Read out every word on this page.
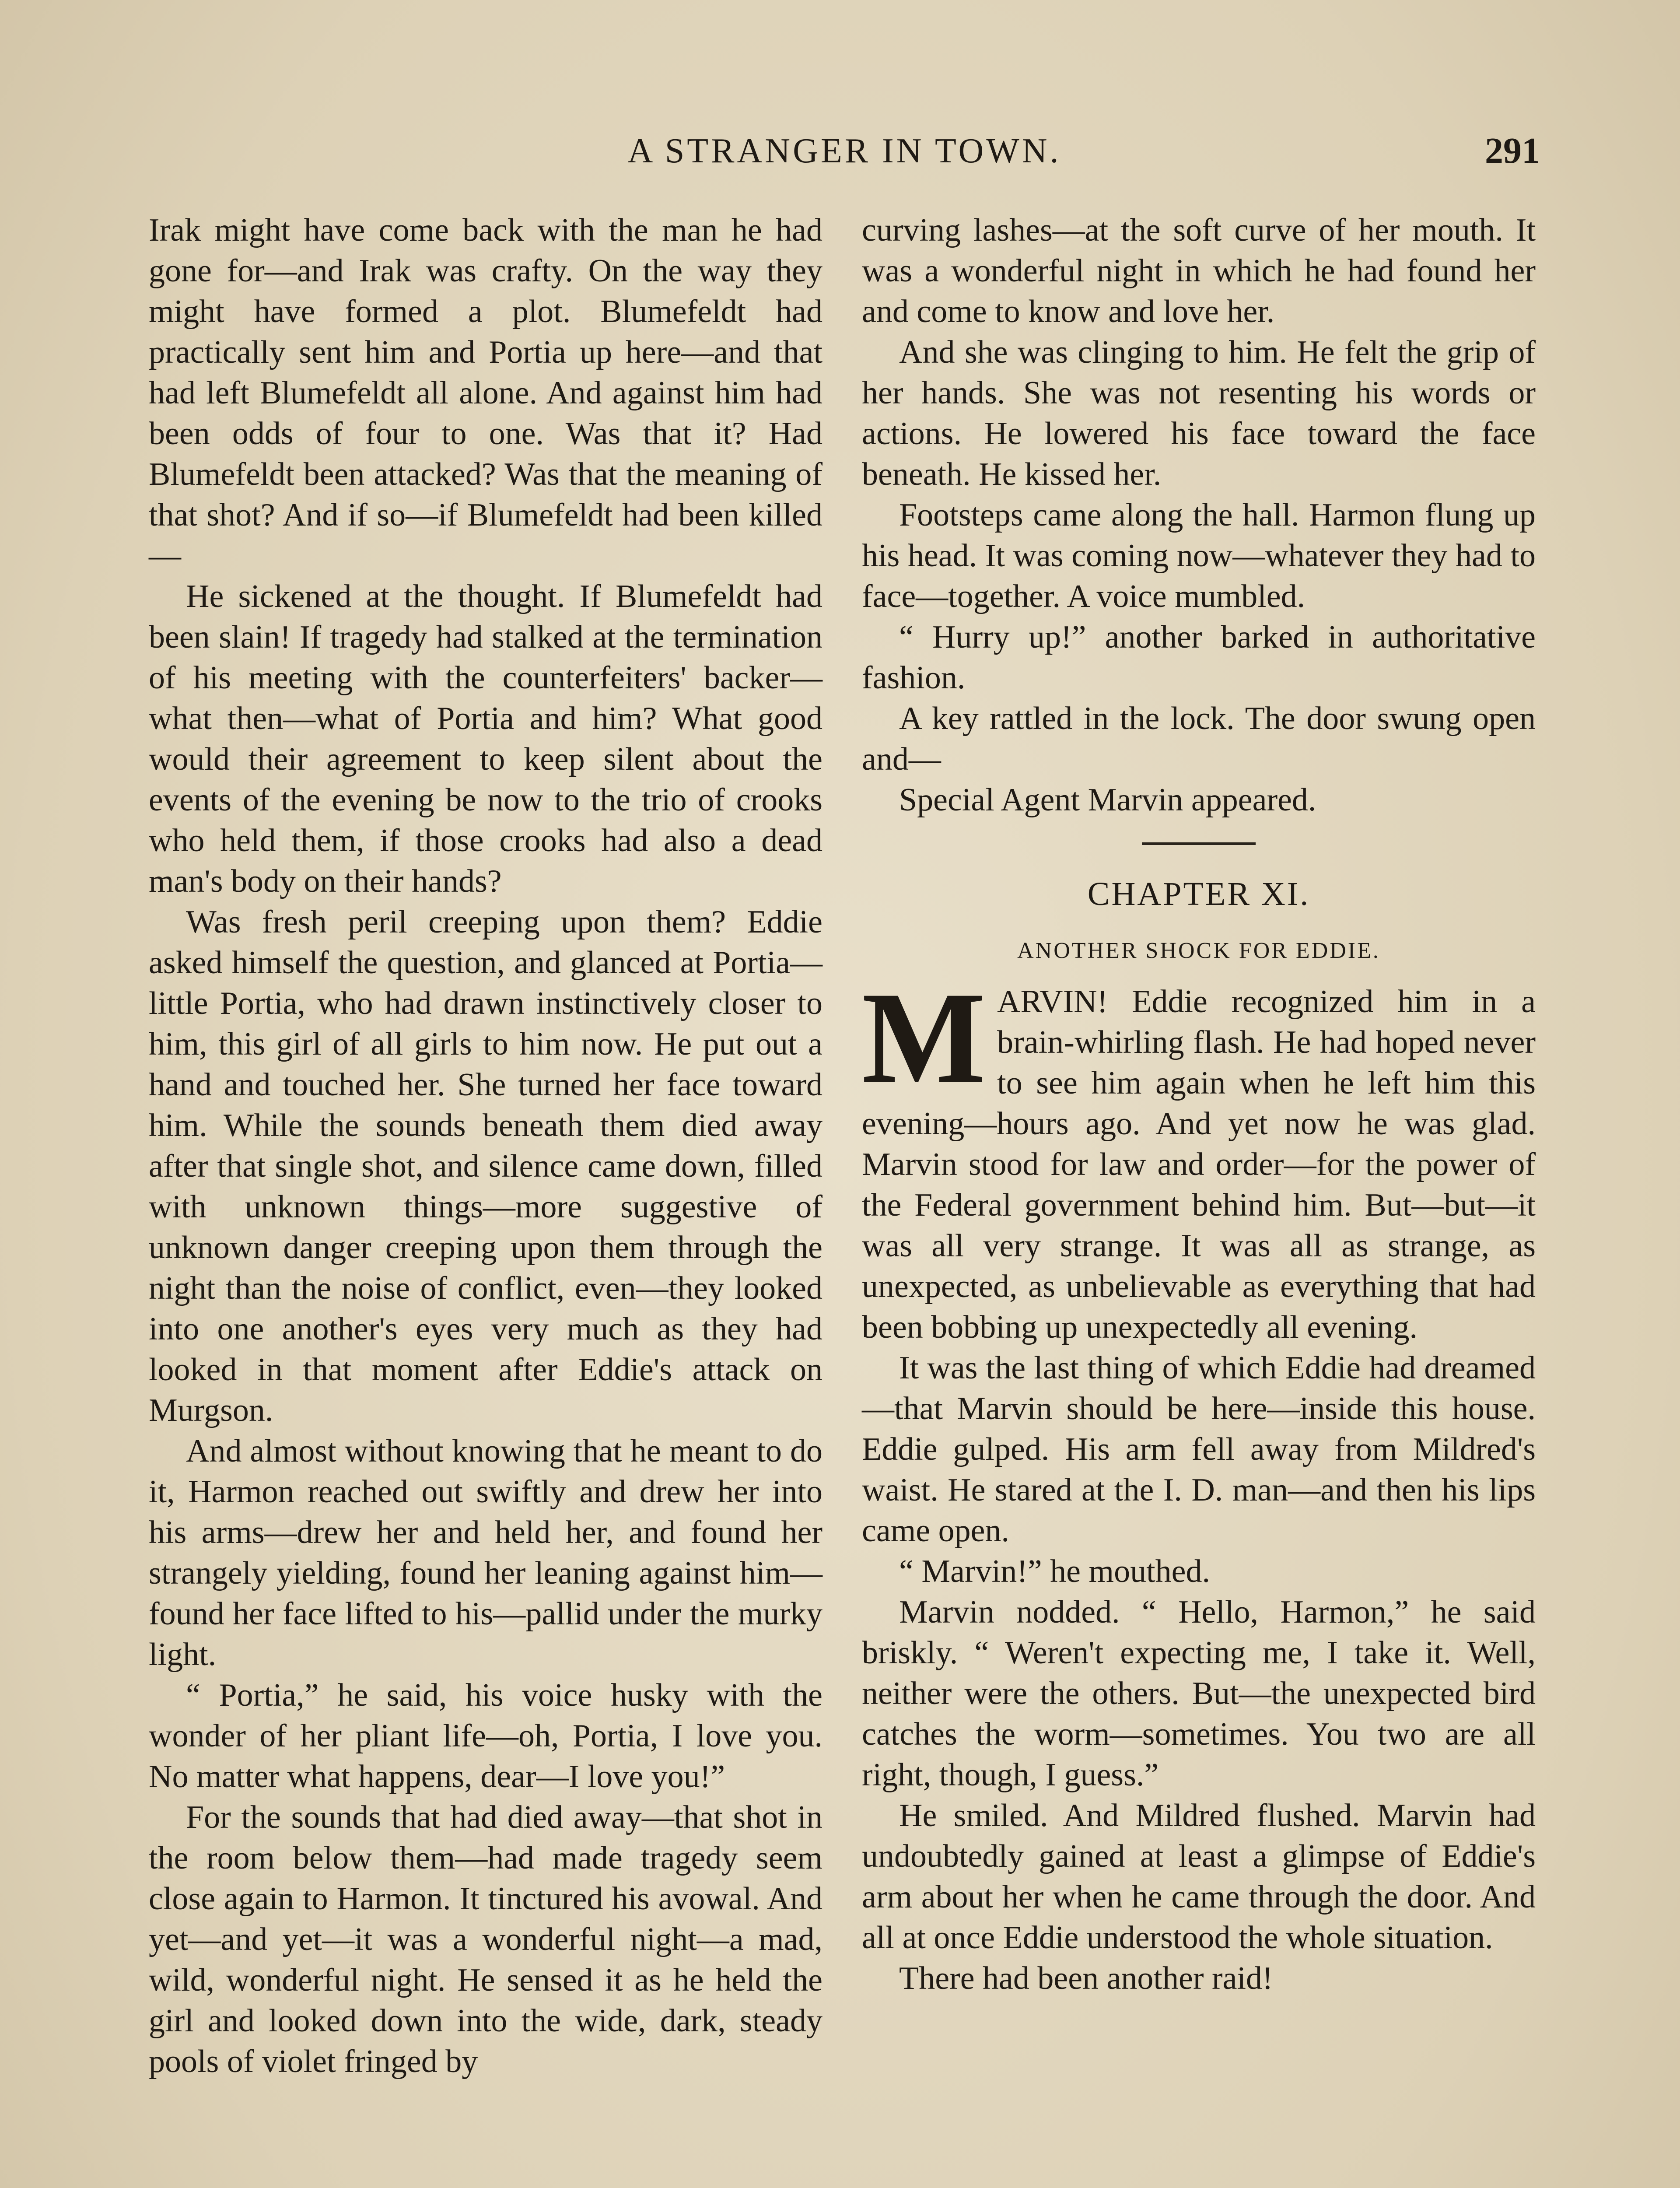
A STRANGER IN TOWN.	291

Irak might have come back with the man he had gone for—and Irak was crafty. On the way they might have formed a plot. Blumefeldt had practically sent him and Portia up here—and that had left Blumefeldt all alone. And against him had been odds of four to one. Was that it? Had Blumefeldt been attacked? Was that the meaning of that shot? And if so—if Blumefeldt had been killed—

He sickened at the thought. If Blumefeldt had been slain! If tragedy had stalked at the termination of his meeting with the counterfeiters' backer—what then—what of Portia and him? What good would their agreement to keep silent about the events of the evening be now to the trio of crooks who held them, if those crooks had also a dead man's body on their hands?

Was fresh peril creeping upon them? Eddie asked himself the question, and glanced at Portia—little Portia, who had drawn instinctively closer to him, this girl of all girls to him now. He put out a hand and touched her. She turned her face toward him. While the sounds beneath them died away after that single shot, and silence came down, filled with unknown things—more suggestive of unknown danger creeping upon them through the night than the noise of conflict, even—they looked into one another's eyes very much as they had looked in that moment after Eddie's attack on Murgson.

And almost without knowing that he meant to do it, Harmon reached out swiftly and drew her into his arms—drew her and held her, and found her strangely yielding, found her leaning against him—found her face lifted to his—pallid under the murky light.

“ Portia,” he said, his voice husky with the wonder of her pliant life—oh, Portia, I love you. No matter what happens, dear—I love you!”

For the sounds that had died away—that shot in the room below them—had made tragedy seem close again to Harmon. It tinctured his avowal. And yet—and yet—it was a wonderful night—a mad, wild, wonderful night. He sensed it as he held the girl and looked down into the wide, dark, steady pools of violet fringed by

curving lashes—at the soft curve of her mouth. It was a wonderful night in which he had found her and come to know and love her.

And she was clinging to him. He felt the grip of her hands. She was not resenting his words or actions. He lowered his face toward the face beneath. He kissed her.

Footsteps came along the hall. Harmon flung up his head. It was coming now—whatever they had to face—together. A voice mumbled.

“ Hurry up!” another barked in authoritative fashion.

A key rattled in the lock. The door swung open and—

Special Agent Marvin appeared.

CHAPTER XI.
ANOTHER SHOCK FOR EDDIE.

MARVIN! Eddie recognized him in a brain-whirling flash. He had hoped never to see him again when he left him this evening—hours ago. And yet now he was glad. Marvin stood for law and order—for the power of the Federal government behind him. But—but—it was all very strange. It was all as strange, as unexpected, as unbelievable as everything that had been bobbing up unexpectedly all evening.

It was the last thing of which Eddie had dreamed—that Marvin should be here—inside this house. Eddie gulped. His arm fell away from Mildred's waist. He stared at the I. D. man—and then his lips came open.

“ Marvin!” he mouthed.

Marvin nodded. “ Hello, Harmon,” he said briskly. “ Weren't expecting me, I take it. Well, neither were the others. But—the unexpected bird catches the worm—sometimes. You two are all right, though, I guess.”

He smiled. And Mildred flushed. Marvin had undoubtedly gained at least a glimpse of Eddie's arm about her when he came through the door. And all at once Eddie understood the whole situation.

There had been another raid!
